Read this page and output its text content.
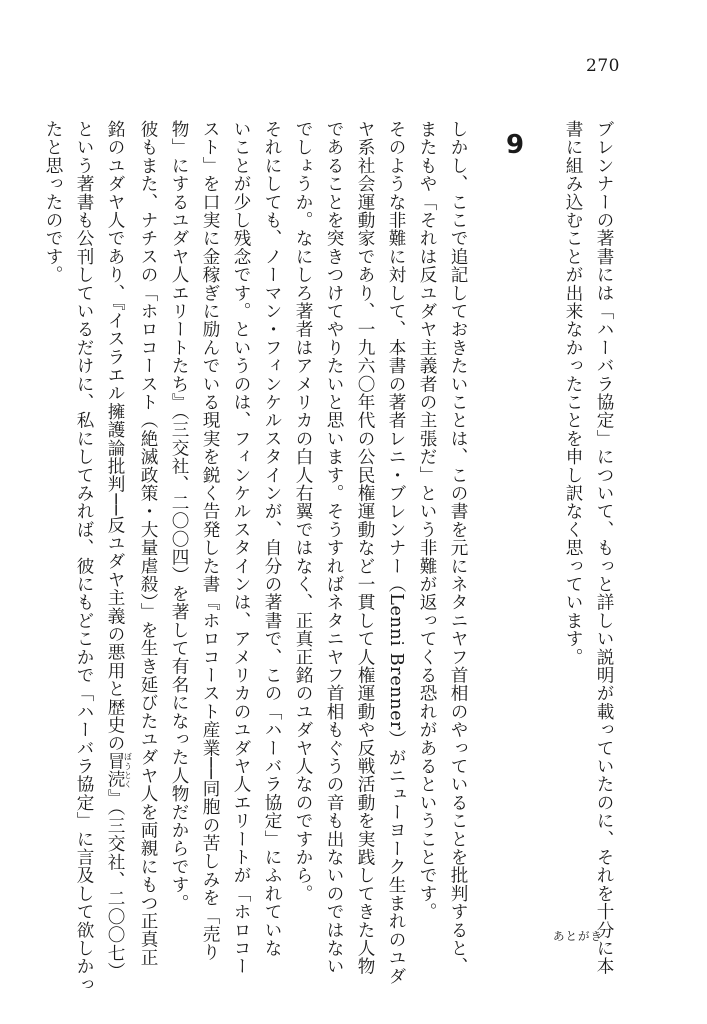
270
ブレンナーの著書には「ハーバラ協定」について、もっと詳しい説明が載っていたのに、それを十分に本
書に組み込むことが出来なかったことを申し訳なく思っています。
9
しかし、ここで追記しておきたいことは、この書を元にネタニヤフ首相のやっていることを批判すると、
またもや「それは反ユダヤ主義者の主張だ」という非難が返ってくる恐れがあるということです。
そのような非難に対して、本書の著者レニ・ブレンナー（Lenni Brenner）がニューヨーク生まれのユダ
ヤ系社会運動家であり、一九六〇年代の公民権運動など一貫して人権運動や反戦活動を実践してきた人物
であることを突きつけてやりたいと思います。そうすればネタニヤフ首相もぐうの音も出ないのではない
でしょうか。なにしろ著者はアメリカの白人右翼ではなく、正真正銘のユダヤ人なのですから。
それにしても、ノーマン・フィンケルスタインが、自分の著書で、この「ハーバラ協定」にふれていな
いことが少し残念です。というのは、フィンケルスタインは、アメリカのユダヤ人エリートが「ホロコー
スト」を口実に金稼ぎに励んでいる現実を鋭く告発した書『ホロコースト産業──同胞の苦しみを「売り
物」にするユダヤ人エリートたち』（三交社、二〇〇四）を著して有名になった人物だからです。
彼もまた、ナチスの「ホロコースト（絶滅政策・大量虐殺）」を生き延びたユダヤ人を両親にもつ正真正
銘のユダヤ人であり、『イスラエル擁護論批判──反ユダヤ主義の悪用と歴史の冒涜ぼうとく』（三交社、二〇〇七）
という著書も公刊しているだけに、私にしてみれば、彼にもどこかで「ハーバラ協定」に言及して欲しかっ
たと思ったのです。
あとがき
